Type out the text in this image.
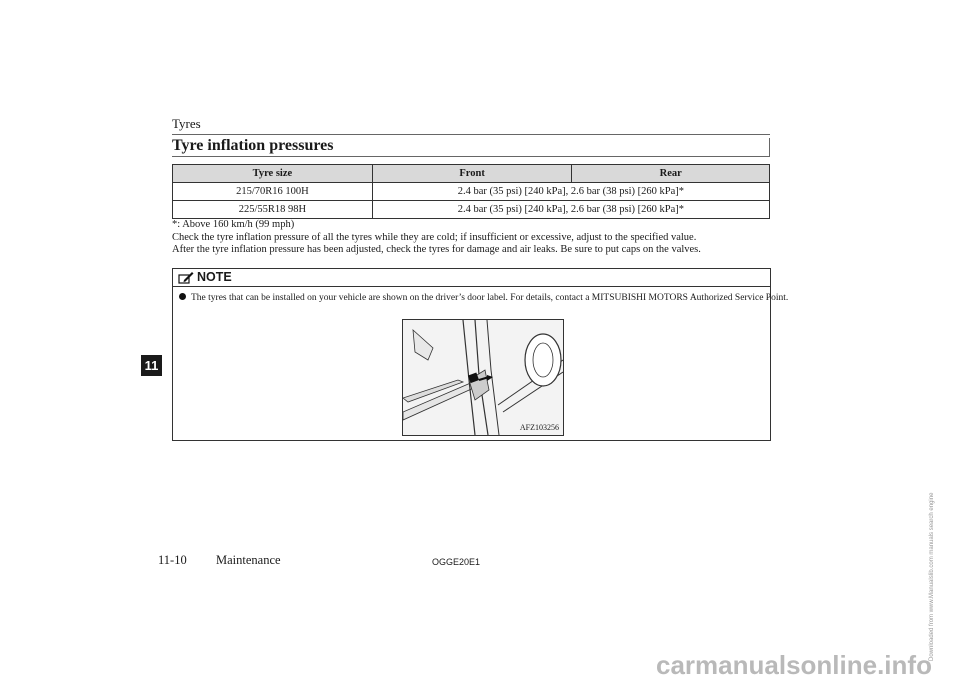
Tyres
Tyre inflation pressures
Tyre size	Front	Rear
215/70R16 100H	2.4 bar (35 psi) [240 kPa], 2.6 bar (38 psi) [260 kPa]*	
225/55R18 98H	2.4 bar (35 psi) [240 kPa], 2.6 bar (38 psi) [260 kPa]*	
*: Above 160 km/h (99 mph)
Check the tyre inflation pressure of all the tyres while they are cold; if insufficient or excessive, adjust to the specified value.
After the tyre inflation pressure has been adjusted, check the tyres for damage and air leaks. Be sure to put caps on the valves.
NOTE
The tyres that can be installed on your vehicle are shown on the driver’s door label. For details, contact a MITSUBISHI MOTORS Authorized Service Point.
AFZ103256
11
11-10 Maintenance	OGGE20E1
carmanualsonline.info
Downloaded from www.Manualslib.com manuals search engine
